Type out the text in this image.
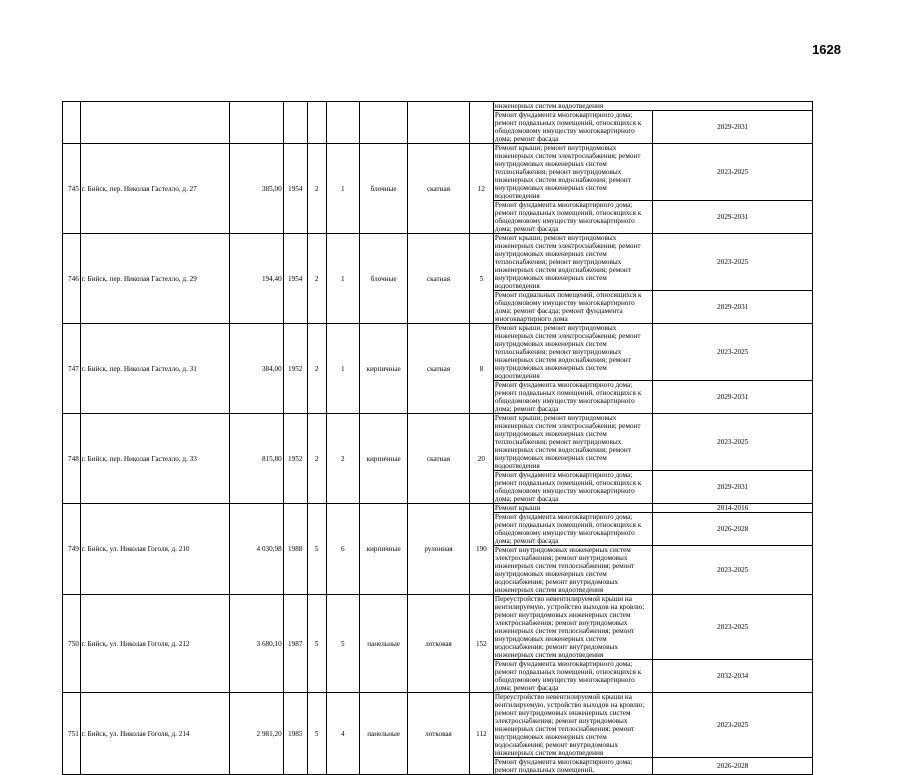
1628
									инженерных систем водоотведения	
									Ремонт фундамента многоквартирного дома; ремонт подвальных помещений, относящихся к общедомовому имуществу многоквартирного дома; ремонт фасада	2029-2031
745	г. Бийск, пер. Николая Гастелло, д. 27	385,00	1954	2	1	блочные	скатная	12	Ремонт крыши; ремонт внутридомовых инженерных систем электроснабжения; ремонт внутридомовых инженерных систем теплоснабжения; ремонт внутридомовых инженерных систем водоснабжения; ремонт внутридомовых инженерных систем водоотведения	2023-2025
									Ремонт фундамента многоквартирного дома; ремонт подвальных помещений, относящихся к общедомовому имуществу многоквартирного дома; ремонт фасада	2029-2031
746	г. Бийск, пер. Николая Гастелло, д. 29	194,40	1954	2	1	блочные	скатная	5	Ремонт крыши; ремонт внутридомовых инженерных систем электроснабжения; ремонт внутридомовых инженерных систем теплоснабжения; ремонт внутридомовых инженерных систем водоснабжения; ремонт внутридомовых инженерных систем водоотведения	2023-2025
									Ремонт подвальных помещений, относящихся к общедомовому имуществу многоквартирного дома; ремонт фасада; ремонт фундамента многоквартирного дома	2029-2031
747	г. Бийск, пер. Николая Гастелло, д. 31	384,00	1952	2	1	кирпичные	скатная	8	Ремонт крыши; ремонт внутридомовых инженерных систем электроснабжения; ремонт внутридомовых инженерных систем теплоснабжения; ремонт внутридомовых инженерных систем водоснабжения; ремонт внутридомовых инженерных систем водоотведения	2023-2025
									Ремонт фундамента многоквартирного дома; ремонт подвальных помещений, относящихся к общедомовому имуществу многоквартирного дома; ремонт фасада	2029-2031
748	г. Бийск, пер. Николая Гастелло, д. 33	815,80	1952	2	2	кирпичные	скатная	20	Ремонт крыши; ремонт внутридомовых инженерных систем электроснабжения; ремонт внутридомовых инженерных систем теплоснабжения; ремонт внутридомовых инженерных систем водоснабжения; ремонт внутридомовых инженерных систем водоотведения	2023-2025
									Ремонт фундамента многоквартирного дома; ремонт подвальных помещений, относящихся к общедомовому имуществу многоквартирного дома; ремонт фасада	2029-2031
749	г. Бийск, ул. Николая Гоголя, д. 210	4 030,98	1988	5	6	кирпичные	рулонная	190	Ремонт крыши	2014-2016
									Ремонт фундамента многоквартирного дома; ремонт подвальных помещений, относящихся к общедомовому имуществу многоквартирного дома; ремонт фасада	2026-2028
									Ремонт внутридомовых инженерных систем электроснабжения; ремонт внутридомовых инженерных систем теплоснабжения; ремонт внутридомовых инженерных систем водоснабжения; ремонт внутридомовых инженерных систем водоотведения	2023-2025
750	г. Бийск, ул. Николая Гоголя, д. 212	3 680,10	1987	5	5	панельные	лотковая	152	Переустройство невентилируемой крыши на вентилируемую, устройство выходов на кровлю; ремонт внутридомовых инженерных систем электроснабжения; ремонт внутридомовых инженерных систем теплоснабжения; ремонт внутридомовых инженерных систем водоснабжения; ремонт внутридомовых инженерных систем водоотведения	2023-2025
									Ремонт фундамента многоквартирного дома; ремонт подвальных помещений, относящихся к общедомовому имуществу многоквартирного дома; ремонт фасада	2032-2034
751	г. Бийск, ул. Николая Гоголя, д. 214	2 981,20	1985	5	4	панельные	лотковая	112	Переустройство невентилируемой крыши на вентилируемую, устройство выходов на кровлю; ремонт внутридомовых инженерных систем электроснабжения; ремонт внутридомовых инженерных систем теплоснабжения; ремонт внутридомовых инженерных систем водоснабжения; ремонт внутридомовых инженерных систем водоотведения	2023-2025
									Ремонт фундамента многоквартирного дома; ремонт подвальных помещений,	2026-2028
